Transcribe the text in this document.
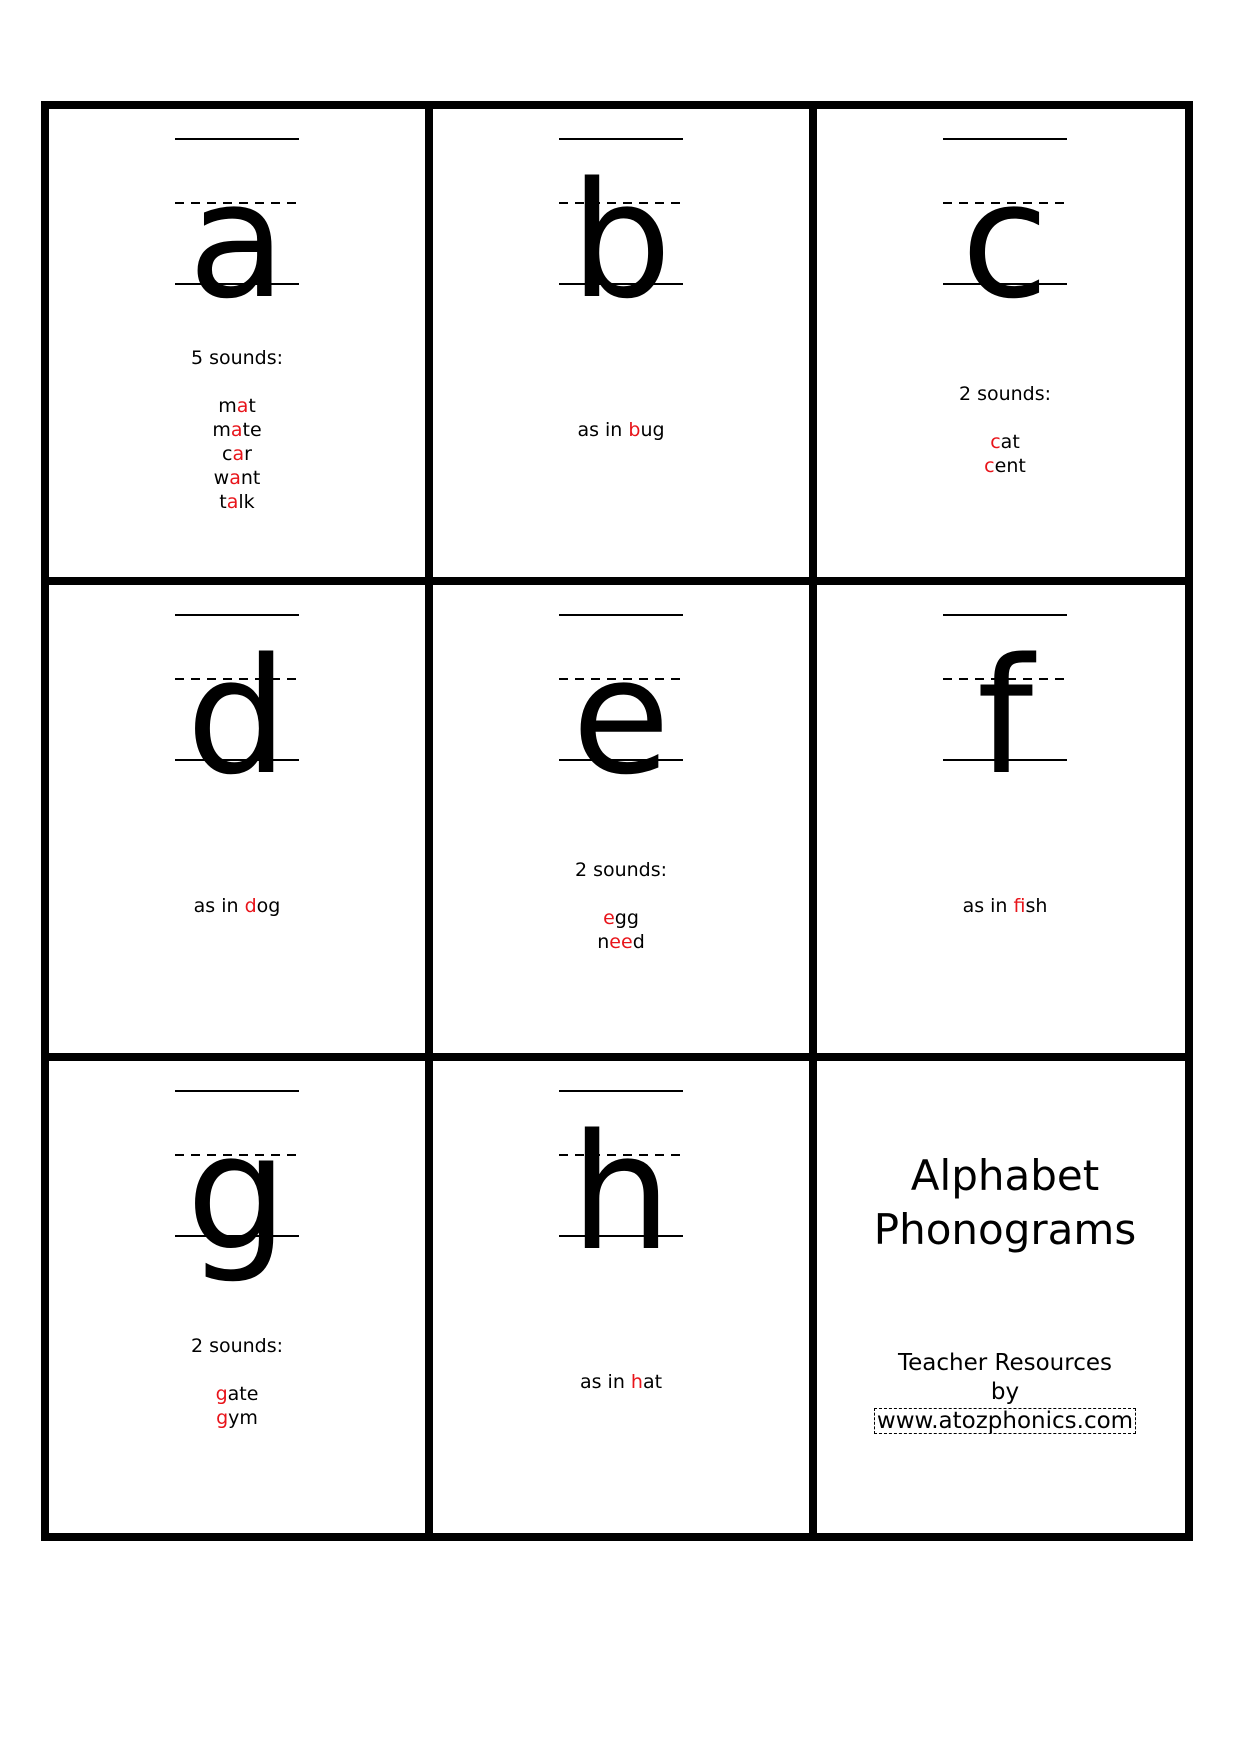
a
5 sounds:
mat
mate
car
want
talk
b
as in bug
c
2 sounds:
cat
cent
d
as in dog
e
2 sounds:
egg
need
f
as in fish
g
2 sounds:
gate
gym
h
as in hat
Alphabet
Phonograms
Teacher Resources
by
www.atozphonics.com
